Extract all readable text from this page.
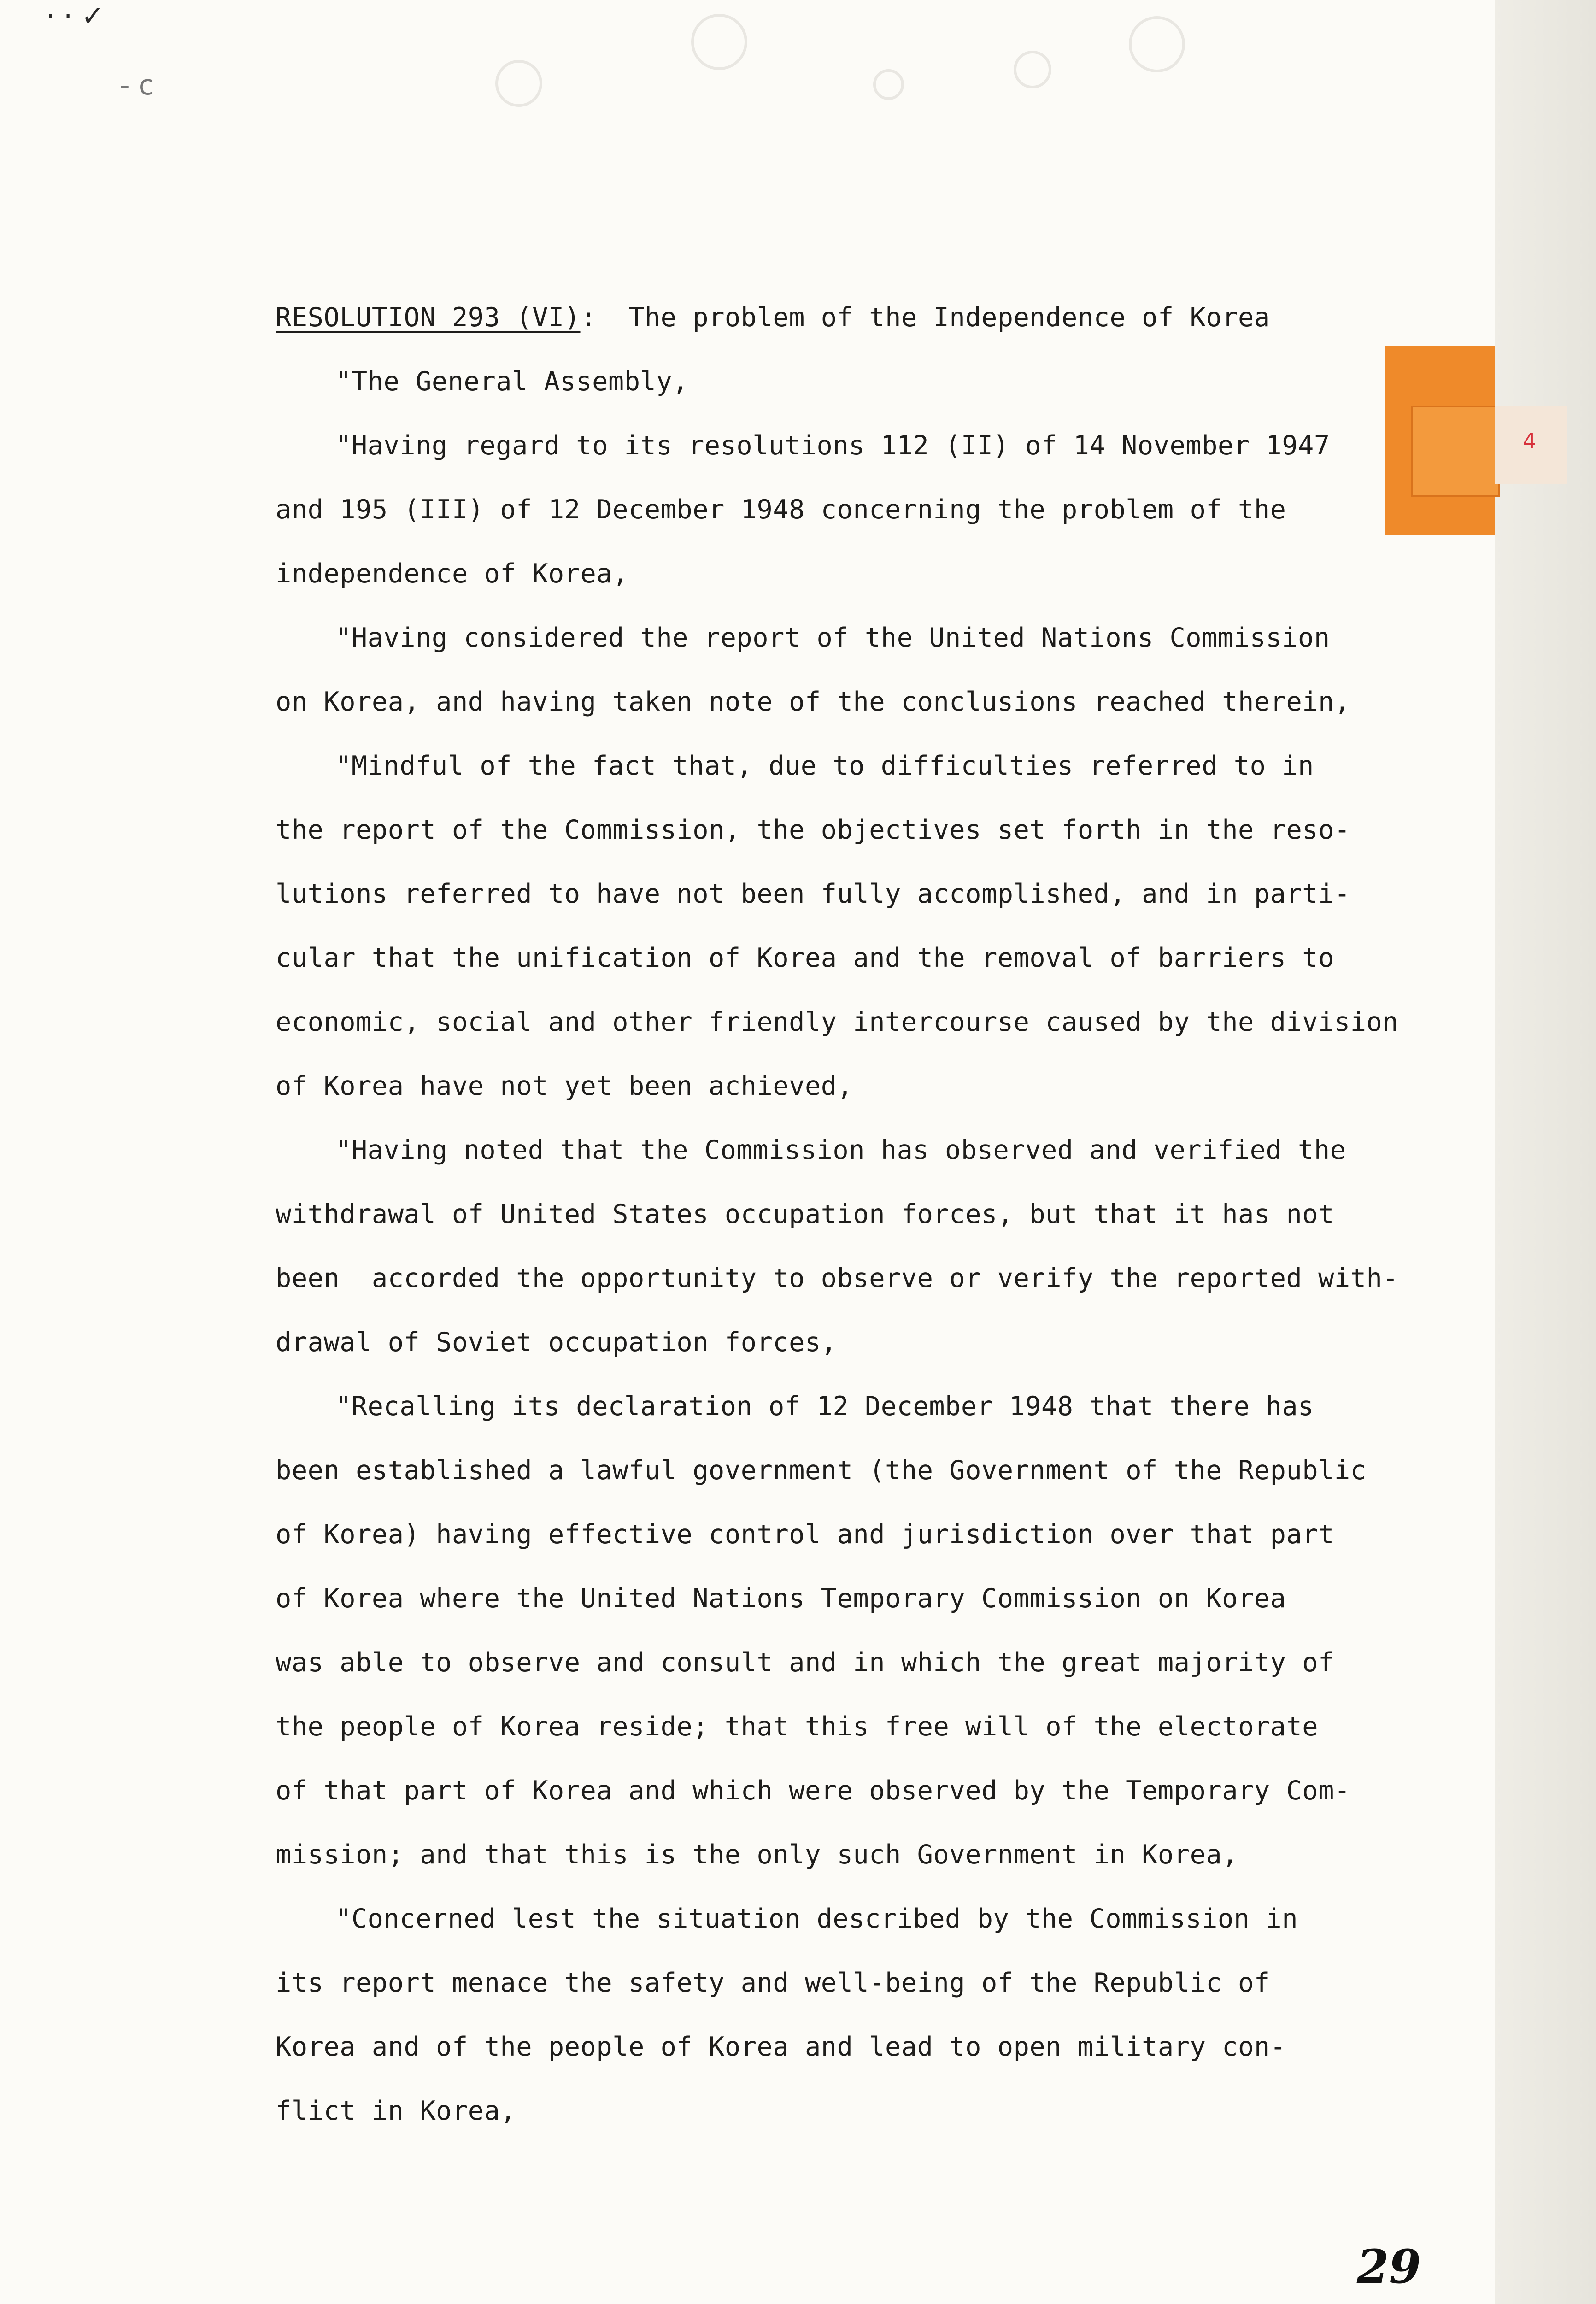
· · ✓
- c
4
RESOLUTION 293 (VI): The problem of the Independence of Korea
"The General Assembly,
"Having regard to its resolutions 112 (II) of 14 November 1947
and 195 (III) of 12 December 1948 concerning the problem of the
independence of Korea,
"Having considered the report of the United Nations Commission
on Korea, and having taken note of the conclusions reached therein,
"Mindful of the fact that, due to difficulties referred to in
the report of the Commission, the objectives set forth in the reso-
lutions referred to have not been fully accomplished, and in parti-
cular that the unification of Korea and the removal of barriers to
economic, social and other friendly intercourse caused by the division
of Korea have not yet been achieved,
"Having noted that the Commission has observed and verified the
withdrawal of United States occupation forces, but that it has not
been  accorded the opportunity to observe or verify the reported with-
drawal of Soviet occupation forces,
"Recalling its declaration of 12 December 1948 that there has
been established a lawful government (the Government of the Republic
of Korea) having effective control and jurisdiction over that part
of Korea where the United Nations Temporary Commission on Korea
was able to observe and consult and in which the great majority of
the people of Korea reside; that this free will of the electorate
of that part of Korea and which were observed by the Temporary Com-
mission; and that this is the only such Government in Korea,
"Concerned lest the situation described by the Commission in
its report menace the safety and well-being of the Republic of
Korea and of the people of Korea and lead to open military con-
flict in Korea,
29
